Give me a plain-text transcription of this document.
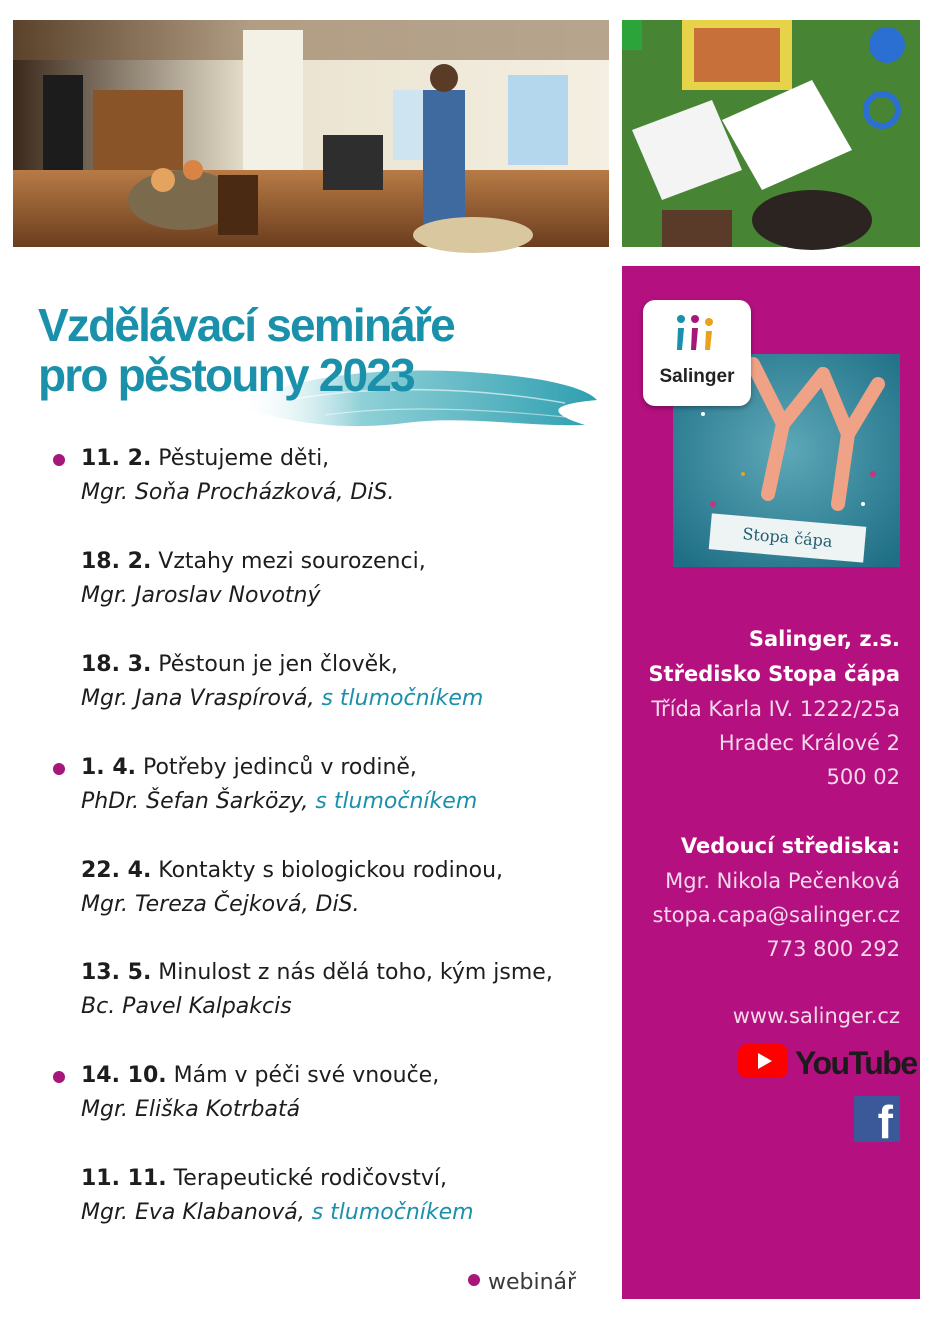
Vzdělávací semináře
pro pěstouny 2023
11. 2. Pěstujeme děti,
Mgr. Soňa Procházková, DiS.
18. 2. Vztahy mezi sourozenci,
Mgr. Jaroslav Novotný
18. 3. Pěstoun je jen člověk,
Mgr. Jana Vraspírová, s tlumočníkem
1. 4. Potřeby jedinců v rodině,
PhDr. Šefan Šarközy, s tlumočníkem
22. 4. Kontakty s biologickou rodinou,
Mgr. Tereza Čejková, DiS.
13. 5. Minulost z nás dělá toho, kým jsme,
Bc. Pavel Kalpakcis
14. 10. Mám v péči své vnouče,
Mgr. Eliška Kotrbatá
11. 11. Terapeutické rodičovství,
Mgr. Eva Klabanová, s tlumočníkem
webinář
Salinger
Stopa čápa
Salinger, z.s.
Středisko Stopa čápa
Třída Karla IV. 1222/25a
Hradec Králové 2
500 02
Vedoucí střediska:
Mgr. Nikola Pečenková
stopa.capa@salinger.cz
773 800 292
www.salinger.cz
YouTube
f
